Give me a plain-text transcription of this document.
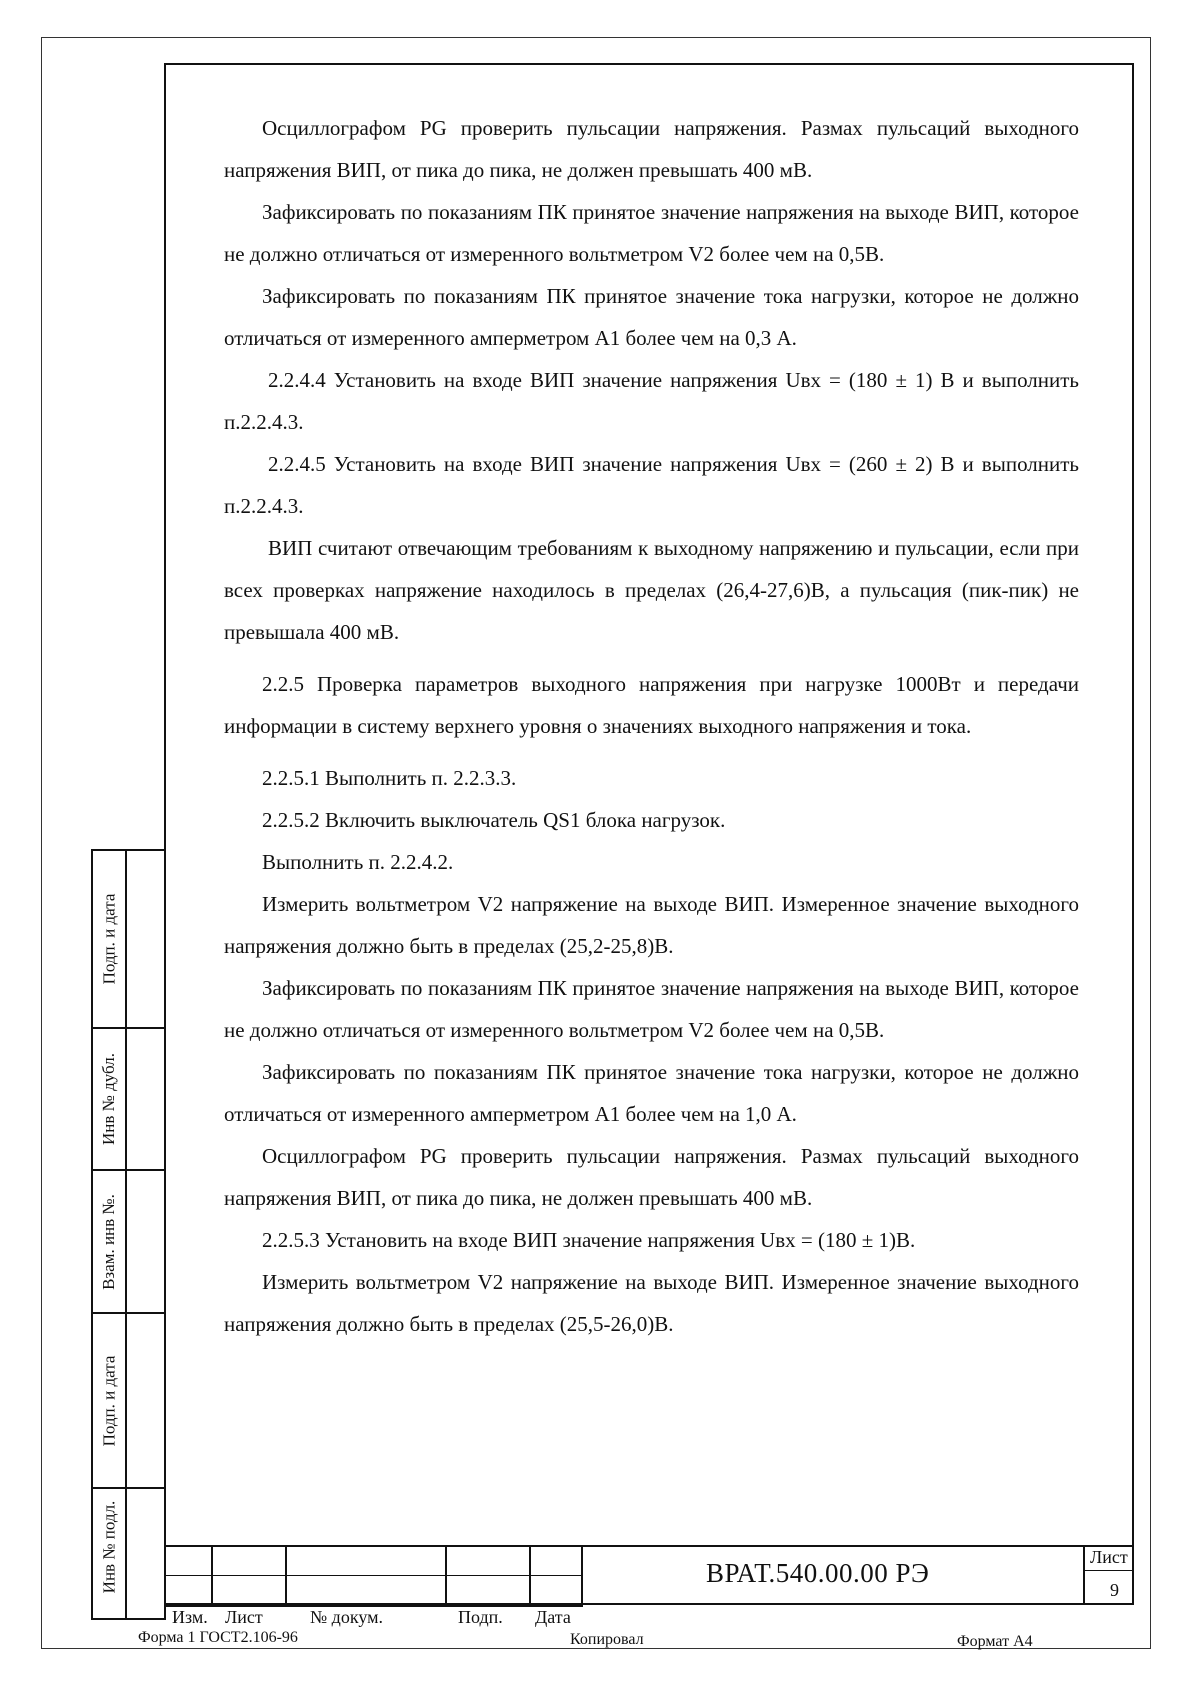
Осциллографом PG проверить пульсации напряжения. Размах пульсаций выходного напряжения ВИП, от пика до пика, не должен превышать 400 мВ.
Зафиксировать по показаниям ПК принятое значение напряжения на выходе ВИП, которое не должно отличаться от измеренного вольтметром V2 более чем на 0,5В.
Зафиксировать по показаниям ПК принятое значение тока нагрузки, которое не должно отличаться от измеренного амперметром А1 более чем на 0,3 А.
2.2.4.4 Установить на входе ВИП значение напряжения Uвх = (180 ± 1) В и выполнить п.2.2.4.3.
2.2.4.5 Установить на входе ВИП значение напряжения Uвх = (260 ± 2) В и выполнить п.2.2.4.3.
ВИП считают отвечающим требованиям к выходному напряжению и пульсации, если при всех проверках напряжение находилось в пределах (26,4-27,6)В, а пульсация (пик-пик) не превышала 400 мВ.
2.2.5 Проверка параметров выходного напряжения при нагрузке 1000Вт и передачи информации в систему верхнего уровня о значениях выходного напряжения и тока.
2.2.5.1 Выполнить п. 2.2.3.3.
2.2.5.2 Включить выключатель QS1 блока нагрузок.
Выполнить п. 2.2.4.2.
Измерить вольтметром V2 напряжение на выходе ВИП. Измеренное значение выходного напряжения должно быть в пределах (25,2-25,8)В.
Зафиксировать по показаниям ПК принятое значение напряжения на выходе ВИП, которое не должно отличаться от измеренного вольтметром V2 более чем на 0,5В.
Зафиксировать по показаниям ПК принятое значение тока нагрузки, которое не должно отличаться от измеренного амперметром А1 более чем на 1,0 А.
Осциллографом PG проверить пульсации напряжения. Размах пульсаций выходного напряжения ВИП, от пика до пика, не должен превышать 400 мВ.
2.2.5.3 Установить на входе ВИП значение напряжения Uвх = (180 ± 1)В.
Измерить вольтметром V2 напряжение на выходе ВИП. Измеренное значение выходного напряжения должно быть в пределах (25,5-26,0)В.
Подп. и дата
Инв № дубл.
Взам. инв №.
Подп. и дата
Инв № подл.
Изм. Лист	№ докум.	Подп. Дата
ВРАТ.540.00.00 РЭ
Лист
9
Форма 1 ГОСТ2.106-96	Копировал	Формат А4
